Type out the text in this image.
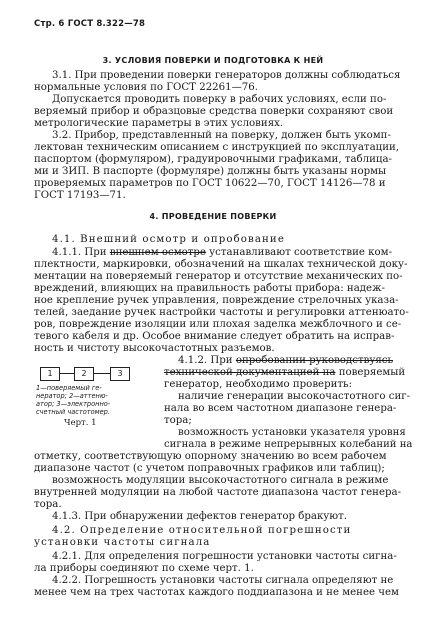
Стр. 6 ГОСТ 8.322—78
3. УСЛОВИЯ ПОВЕРКИ И ПОДГОТОВКА К НЕЙ
3.1. При проведении поверки генераторов должны соблюдаться
нормальные условия по ГОСТ 22261—76.
Допускается проводить поверку в рабочих условиях, если по-
веряемый прибор и образцовые средства поверки сохраняют свои
метрологические параметры в этих условиях.
3.2. Прибор, представленный на поверку, должен быть укомп-
лектован техническим описанием с инструкцией по эксплуатации,
паспортом (формуляром), градуировочными графиками, таблица-
ми и ЗИП. В паспорте (формуляре) должны быть указаны нормы
проверяемых параметров по ГОСТ 10622—70, ГОСТ 14126—78 и
ГОСТ 17193—71.
4. ПРОВЕДЕНИЕ ПОВЕРКИ
4.1. Внешний осмотр и опробование
4.1.1. При внешнем осмотре устанавливают соответствие ком-
плектности, маркировки, обозначений на шкалах технической доку-
ментации на поверяемый генератор и отсутствие механических по-
вреждений, влияющих на правильность работы прибора: надеж-
ное крепление ручек управления, повреждение стрелочных указа-
телей, заедание ручек настройки частоты и регулировки аттенюато-
ров, повреждение изоляции или плохая заделка межблочного и се-
тевого кабеля и др. Особое внимание следует обратить на исправ-
ность и чистоту высокочастотных разъемов.
4.1.2. При опробовании руководствуясь
технической документацией на поверяемый
генератор, необходимо проверить:
наличие генерации высокочастотного сиг-
нала во всем частотном диапазоне генера-
тора;
возможность установки указателя уровня
сигнала в режиме непрерывных колебаний на
1	2	3
1—поверяемый ге-
нератор; 2—аттеню-
атор; 3—электронно-
счетный частотомер.
Черт. 1
отметку, соответствующую опорному значению во всем рабочем
диапазоне частот (с учетом поправочных графиков или таблиц);
возможность модуляции высокочастотного сигнала в режиме
внутренней модуляции на любой частоте диапазона частот генера-
тора.
4.1.3. При обнаружении дефектов генератор бракуют.
4.2. Определение относительной погрешности
установки частоты сигнала
4.2.1. Для определения погрешности установки частоты сигна-
ла приборы соединяют по схеме черт. 1.
4.2.2. Погрешность установки частоты сигнала определяют не
менее чем на трех частотах каждого поддиапазона и не менее чем
